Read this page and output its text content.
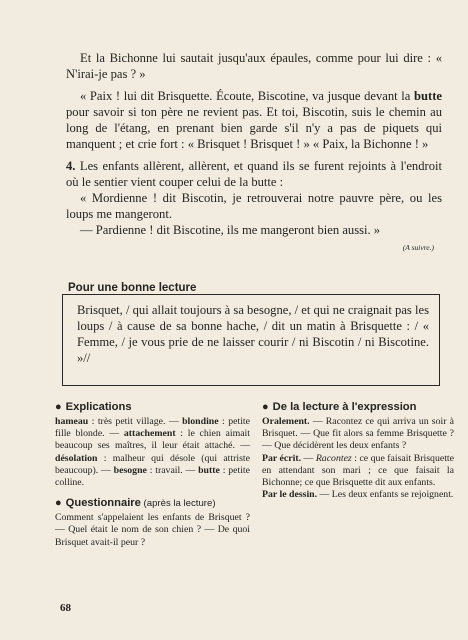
Et la Bichonne lui sautait jusqu'aux épaules, comme pour lui dire : « N'irai-je pas ? »

« Paix ! lui dit Brisquette. Écoute, Biscotine, va jusque devant la butte pour savoir si ton père ne revient pas. Et toi, Biscotin, suis le chemin au long de l'étang, en prenant bien garde s'il n'y a pas de piquets qui manquent ; et crie fort : « Brisquet ! Brisquet ! » « Paix, la Bichonne ! »

4. Les enfants allèrent, allèrent, et quand ils se furent rejoints à l'endroit où le sentier vient couper celui de la butte :

« Mordienne ! dit Biscotin, je retrouverai notre pauvre père, ou les loups me mangeront.

— Pardienne ! dit Biscotine, ils me mangeront bien aussi. »

(A suivre.)
Pour une bonne lecture
Brisquet, / qui allait toujours à sa besogne, / et qui ne craignait pas les loups / à cause de sa bonne hache, / dit un matin à Brisquette : / « Femme, / je vous prie de ne laisser courir / ni Biscotin / ni Biscotine. »//
● Explications

hameau : très petit village. — blondine : petite fille blonde. — attachement : le chien aimait beaucoup ses maîtres, il leur était attaché. — désolation : malheur qui désole (qui attriste beaucoup). — besogne : travail. — butte : petite colline.

● Questionnaire (après la lecture)

Comment s'appelaient les enfants de Brisquet ? — Quel était le nom de son chien ? — De quoi Brisquet avait-il peur ?

● De la lecture à l'expression

Oralement. — Racontez ce qui arriva un soir à Brisquet. — Que fit alors sa femme Brisquette ? — Que décidèrent les deux enfants ?

Par écrit. — Racontez : ce que faisait Brisquette en attendant son mari ; ce que faisait la Bichonne; ce que Brisquette dit aux enfants.

Par le dessin. — Les deux enfants se rejoignent.

68
